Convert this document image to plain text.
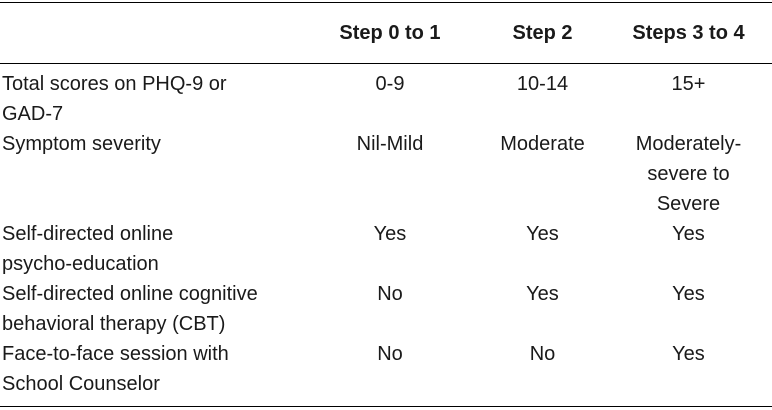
	Step 0 to 1	Step 2	Steps 3 to 4

Total scores on PHQ-9 or
GAD-7	0-9	10-14	15+

Symptom severity	Nil-Mild	Moderate	Moderately-
severe to
Severe

Self-directed online
psycho-education	Yes	Yes	Yes

Self-directed online cognitive
behavioral therapy (CBT)	No	Yes	Yes

Face-to-face session with
School Counselor	No	No	Yes
